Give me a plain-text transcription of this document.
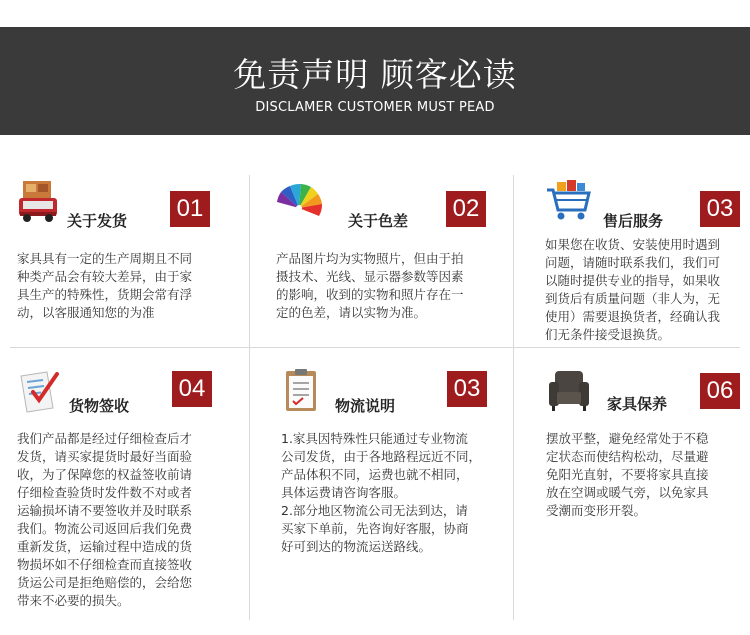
免责声明 顾客必读
DISCLAMER CUSTOMER MUST PEAD
关于发货 01
家具具有一定的生产周期且不同
种类产品会有较大差异，由于家
具生产的特殊性，货期会常有浮
动，以客服通知您的为准
关于色差 02
产品图片均为实物照片，但由于拍
摄技术、光线、显示器参数等因素
的影响，收到的实物和照片存在一
定的色差，请以实物为准。
售后服务 03
如果您在收货、安装使用时遇到
问题，请随时联系我们，我们可
以随时提供专业的指导，如果收
到货后有质量问题（非人为，无
使用）需要退换货者，经确认我
们无条件接受退换货。
货物签收
04
我们产品都是经过仔细检查后才
发货，请买家提货时最好当面验
收，为了保障您的权益签收前请
仔细检查验货时发件数不对或者
运输损坏请不要签收并及时联系
我们。物流公司返回后我们免费
重新发货，运输过程中造成的货
物损坏如不仔细检查而直接签收
货运公司是拒绝赔偿的，会给您
带来不必要的损失。
物流说明
03
1.家具因特殊性只能通过专业物流
公司发货，由于各地路程远近不同，
产品体积不同，运费也就不相同，
具体运费请咨询客服。
2.部分地区物流公司无法到达，请
买家下单前，先咨询好客服，协商
好可到达的物流运送路线。
家具保养 06
摆放平整，避免经常处于不稳
定状态而使结构松动，尽量避
免阳光直射，不要将家具直接
放在空调或暖气旁，以免家具
受潮而变形开裂。
